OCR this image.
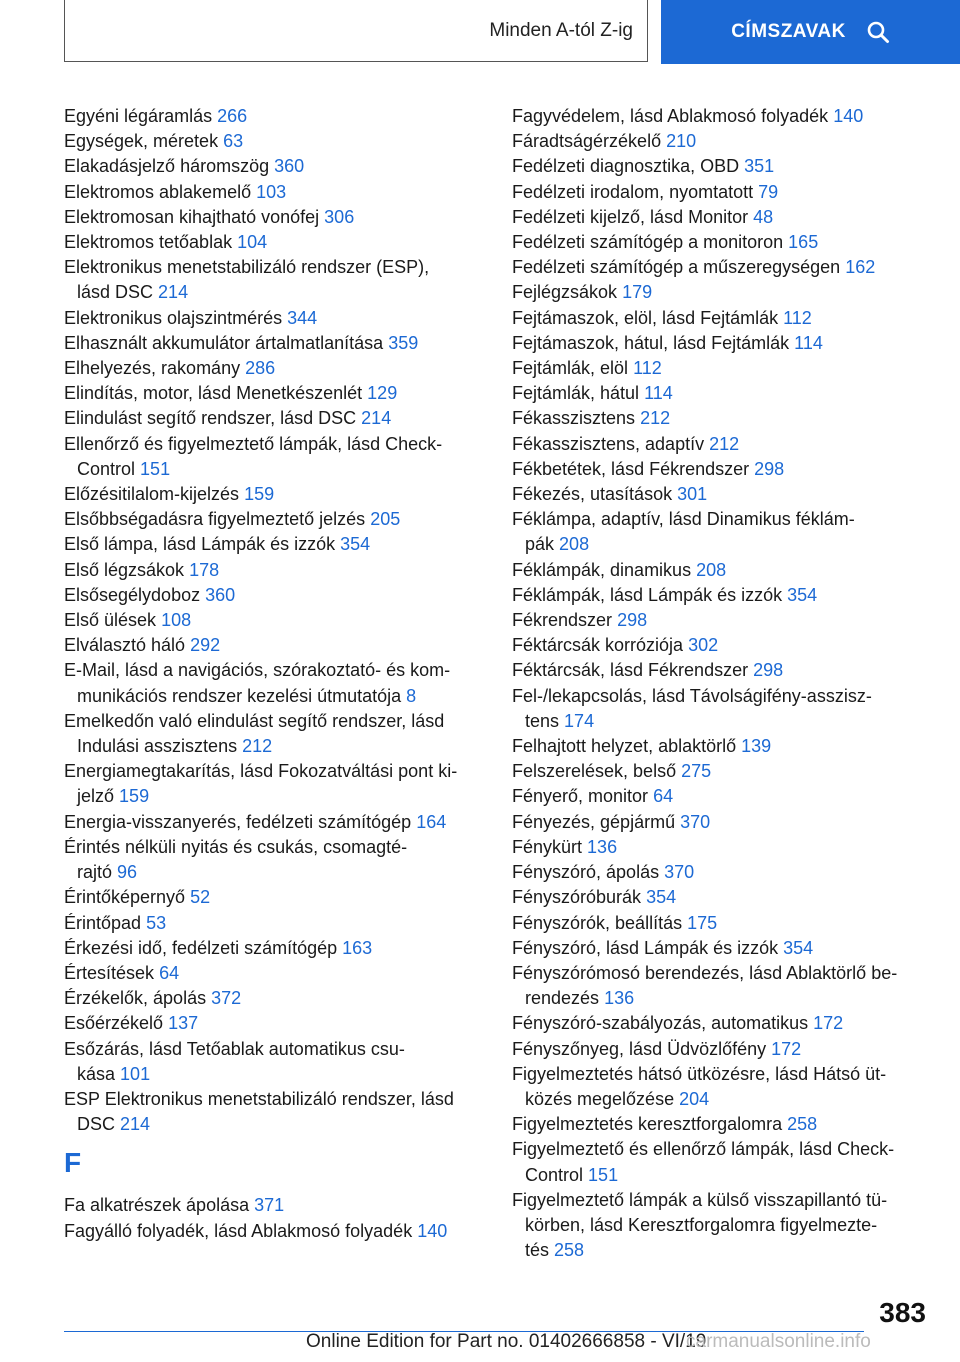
Minden A-tól Z-ig	CÍMSZAVAK
Egyéni légáramlás 266
Egységek, méretek 63
Elakadásjelző háromszög 360
Elektromos ablakemelő 103
Elektromosan kihajtható vonófej 306
Elektromos tetőablak 104
Elektronikus menetstabilizáló rendszer (ESP),
lásd DSC 214
Elektronikus olajszintmérés 344
Elhasznált akkumulátor ártalmatlanítása 359
Elhelyezés, rakomány 286
Elindítás, motor, lásd Menetkészenlét 129
Elindulást segítő rendszer, lásd DSC 214
Ellenőrző és figyelmeztető lámpák, lásd Check-
Control 151
Előzésitilalom-kijelzés 159
Elsőbbségadásra figyelmeztető jelzés 205
Első lámpa, lásd Lámpák és izzók 354
Első légzsákok 178
Elsősegélydoboz 360
Első ülések 108
Elválasztó háló 292
E-Mail, lásd a navigációs, szórakoztató- és kom-
munikációs rendszer kezelési útmutatója 8
Emelkedőn való elindulást segítő rendszer, lásd
Indulási asszisztens 212
Energiamegtakarítás, lásd Fokozatváltási pont ki-
jelző 159
Energia-visszanyerés, fedélzeti számítógép 164
Érintés nélküli nyitás és csukás, csomagté-
rajtó 96
Érintőképernyő 52
Érintőpad 53
Érkezési idő, fedélzeti számítógép 163
Értesítések 64
Érzékelők, ápolás 372
Esőérzékelő 137
Esőzárás, lásd Tetőablak automatikus csu-
kása 101
ESP Elektronikus menetstabilizáló rendszer, lásd
DSC 214
F
Fa alkatrészek ápolása 371
Fagyálló folyadék, lásd Ablakmosó folyadék 140
Fagyvédelem, lásd Ablakmosó folyadék 140
Fáradtságérzékelő 210
Fedélzeti diagnosztika, OBD 351
Fedélzeti irodalom, nyomtatott 79
Fedélzeti kijelző, lásd Monitor 48
Fedélzeti számítógép a monitoron 165
Fedélzeti számítógép a műszeregységen 162
Fejlégzsákok 179
Fejtámaszok, elöl, lásd Fejtámlák 112
Fejtámaszok, hátul, lásd Fejtámlák 114
Fejtámlák, elöl 112
Fejtámlák, hátul 114
Fékasszisztens 212
Fékasszisztens, adaptív 212
Fékbetétek, lásd Fékrendszer 298
Fékezés, utasítások 301
Féklámpa, adaptív, lásd Dinamikus féklám-
pák 208
Féklámpák, dinamikus 208
Féklámpák, lásd Lámpák és izzók 354
Fékrendszer 298
Féktárcsák korróziója 302
Féktárcsák, lásd Fékrendszer 298
Fel-/lekapcsolás, lásd Távolságifény-asszisz-
tens 174
Felhajtott helyzet, ablaktörlő 139
Felszerelések, belső 275
Fényerő, monitor 64
Fényezés, gépjármű 370
Fénykürt 136
Fényszóró, ápolás 370
Fényszóróburák 354
Fényszórók, beállítás 175
Fényszóró, lásd Lámpák és izzók 354
Fényszórómosó berendezés, lásd Ablaktörlő be-
rendezés 136
Fényszóró-szabályozás, automatikus 172
Fényszőnyeg, lásd Üdvözlőfény 172
Figyelmeztetés hátsó ütközésre, lásd Hátsó üt-
közés megelőzése 204
Figyelmeztetés keresztforgalomra 258
Figyelmeztető és ellenőrző lámpák, lásd Check-
Control 151
Figyelmeztető lámpák a külső visszapillantó tü-
körben, lásd Keresztforgalomra figyelmezte-
tés 258
383
Online Edition for Part no. 01402666858 - VI/19
carmanualsonline.info
